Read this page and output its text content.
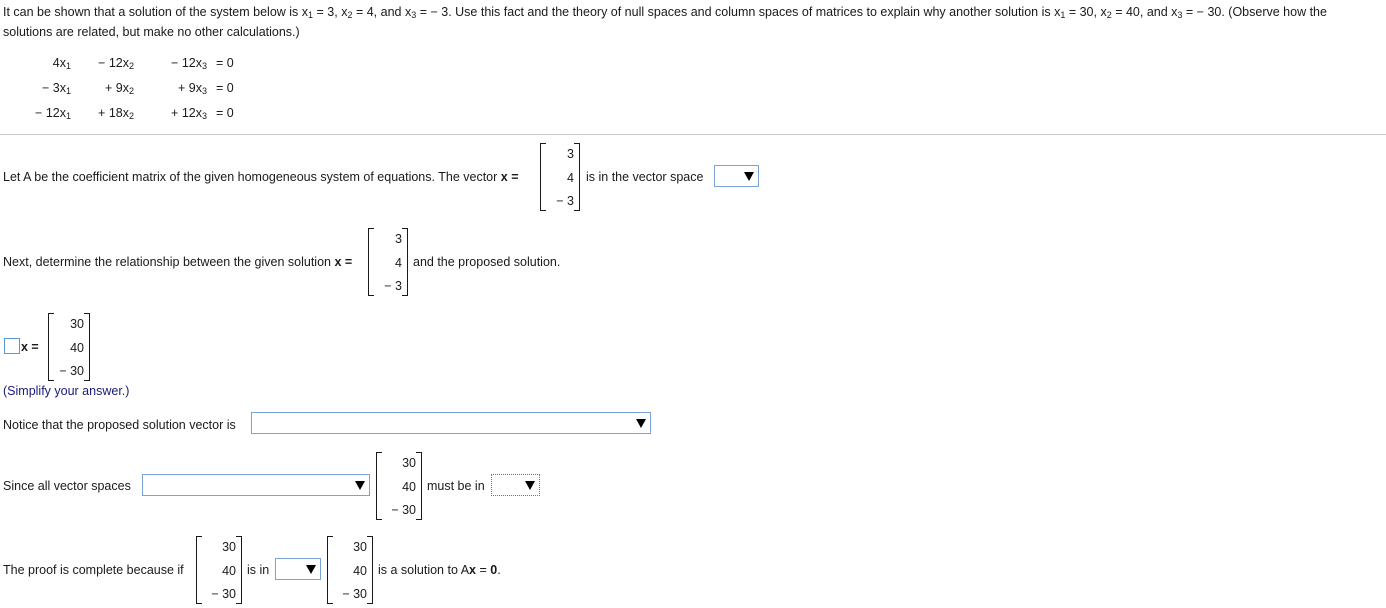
It can be shown that a solution of the system below is $x_1 = 3$, $x_2 = 4$, and $x_3$ = − 3. Use this fact and the theory of null spaces and column spaces of matrices to explain why another solution is $x_1 = 30$, $x_2 = 40$, and $x_3$ = − 30. (Observe how the
solutions are related, but make no other calculations.)
$4x_1$	− $12x_2$	− $12x_3$	= 0
− $3x_1$	+ $9x_2$	+ $9x_3$	= 0
− $12x_1$	+ $18x_2$	+ $12x_3$	= 0
Let A be the coefficient matrix of the given homogeneous system of equations. The vector x =
3
4
− 3
is in the vector space
Next, determine the relationship between the given solution x =
3
4
− 3
and the proposed solution.
x =
30
40
− 30
(Simplify your answer.)
Notice that the proposed solution vector is
Since all vector spaces
30
40
− 30
must be in
The proof is complete because if
30
40
− 30
is in
30
40
− 30
is a solution to Ax = 0.
